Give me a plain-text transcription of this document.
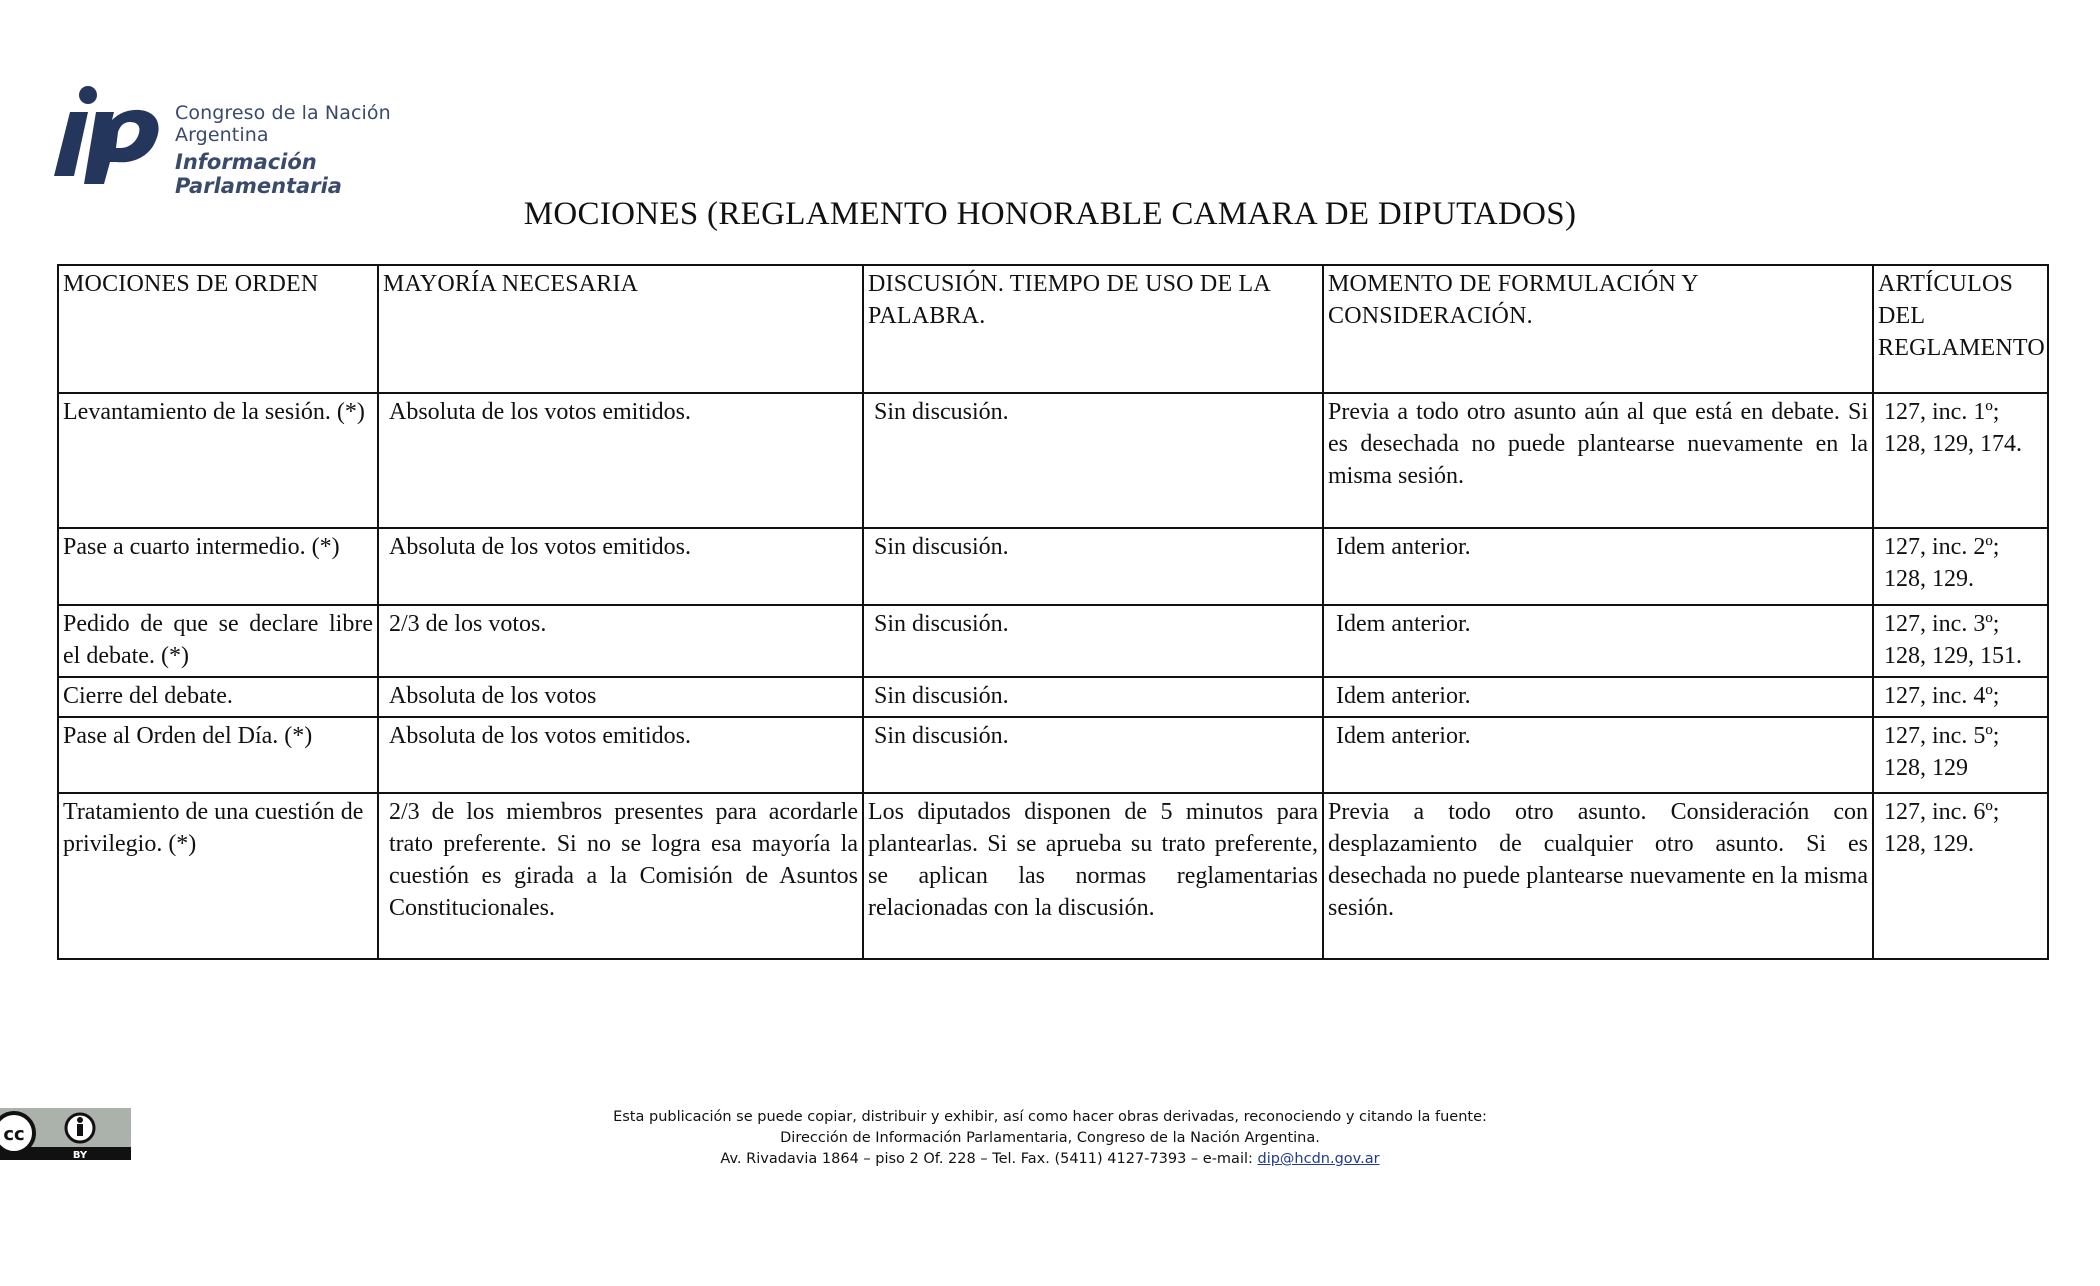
Congreso de la Nación Argentina
Información Parlamentaria
MOCIONES (REGLAMENTO HONORABLE CAMARA DE DIPUTADOS)
MOCIONES DE ORDEN	MAYORÍA NECESARIA	DISCUSIÓN. TIEMPO DE USO DE LA PALABRA.	MOMENTO DE FORMULACIÓN Y CONSIDERACIÓN.	ARTÍCULOS DEL REGLAMENTO
Levantamiento de la sesión. (*)	Absoluta de los votos emitidos.	Sin discusión.	Previa a todo otro asunto aún al que está en debate. Si es desechada no puede plantearse nuevamente en la misma sesión.	127, inc. 1º; 128, 129, 174.
Pase a cuarto intermedio. (*)	Absoluta de los votos emitidos.	Sin discusión.	Idem anterior.	127, inc. 2º; 128, 129.
Pedido de que se declare libre el debate. (*)	2/3 de los votos.	Sin discusión.	Idem anterior.	127, inc. 3º; 128, 129, 151.
Cierre del debate.	Absoluta de los votos	Sin discusión.	Idem anterior.	127, inc. 4º;
Pase al Orden del Día. (*)	Absoluta de los votos emitidos.	Sin discusión.	Idem anterior.	127, inc. 5º; 128, 129

Tratamiento de una cuestión de privilegio. (*)	2/3 de los miembros presentes para acordarle trato preferente. Si no se logra esa mayoría la cuestión es girada a la Comisión de Asuntos Constitucionales.	Los diputados disponen de 5 minutos para plantearlas. Si se aprueba su trato preferente, se aplican las normas reglamentarias relacionadas con la discusión.	Previa a todo otro asunto. Consideración con desplazamiento de cualquier otro asunto. Si es desechada no puede plantearse nuevamente en la misma sesión.	127, inc. 6º; 128, 129.
cc
BY
Esta publicación se puede copiar, distribuir y exhibir, así como hacer obras derivadas, reconociendo y citando la fuente:
Dirección de Información Parlamentaria, Congreso de la Nación Argentina.
Av. Rivadavia 1864 – piso 2 Of. 228 – Tel. Fax. (5411) 4127-7393 – e-mail: dip@hcdn.gov.ar
